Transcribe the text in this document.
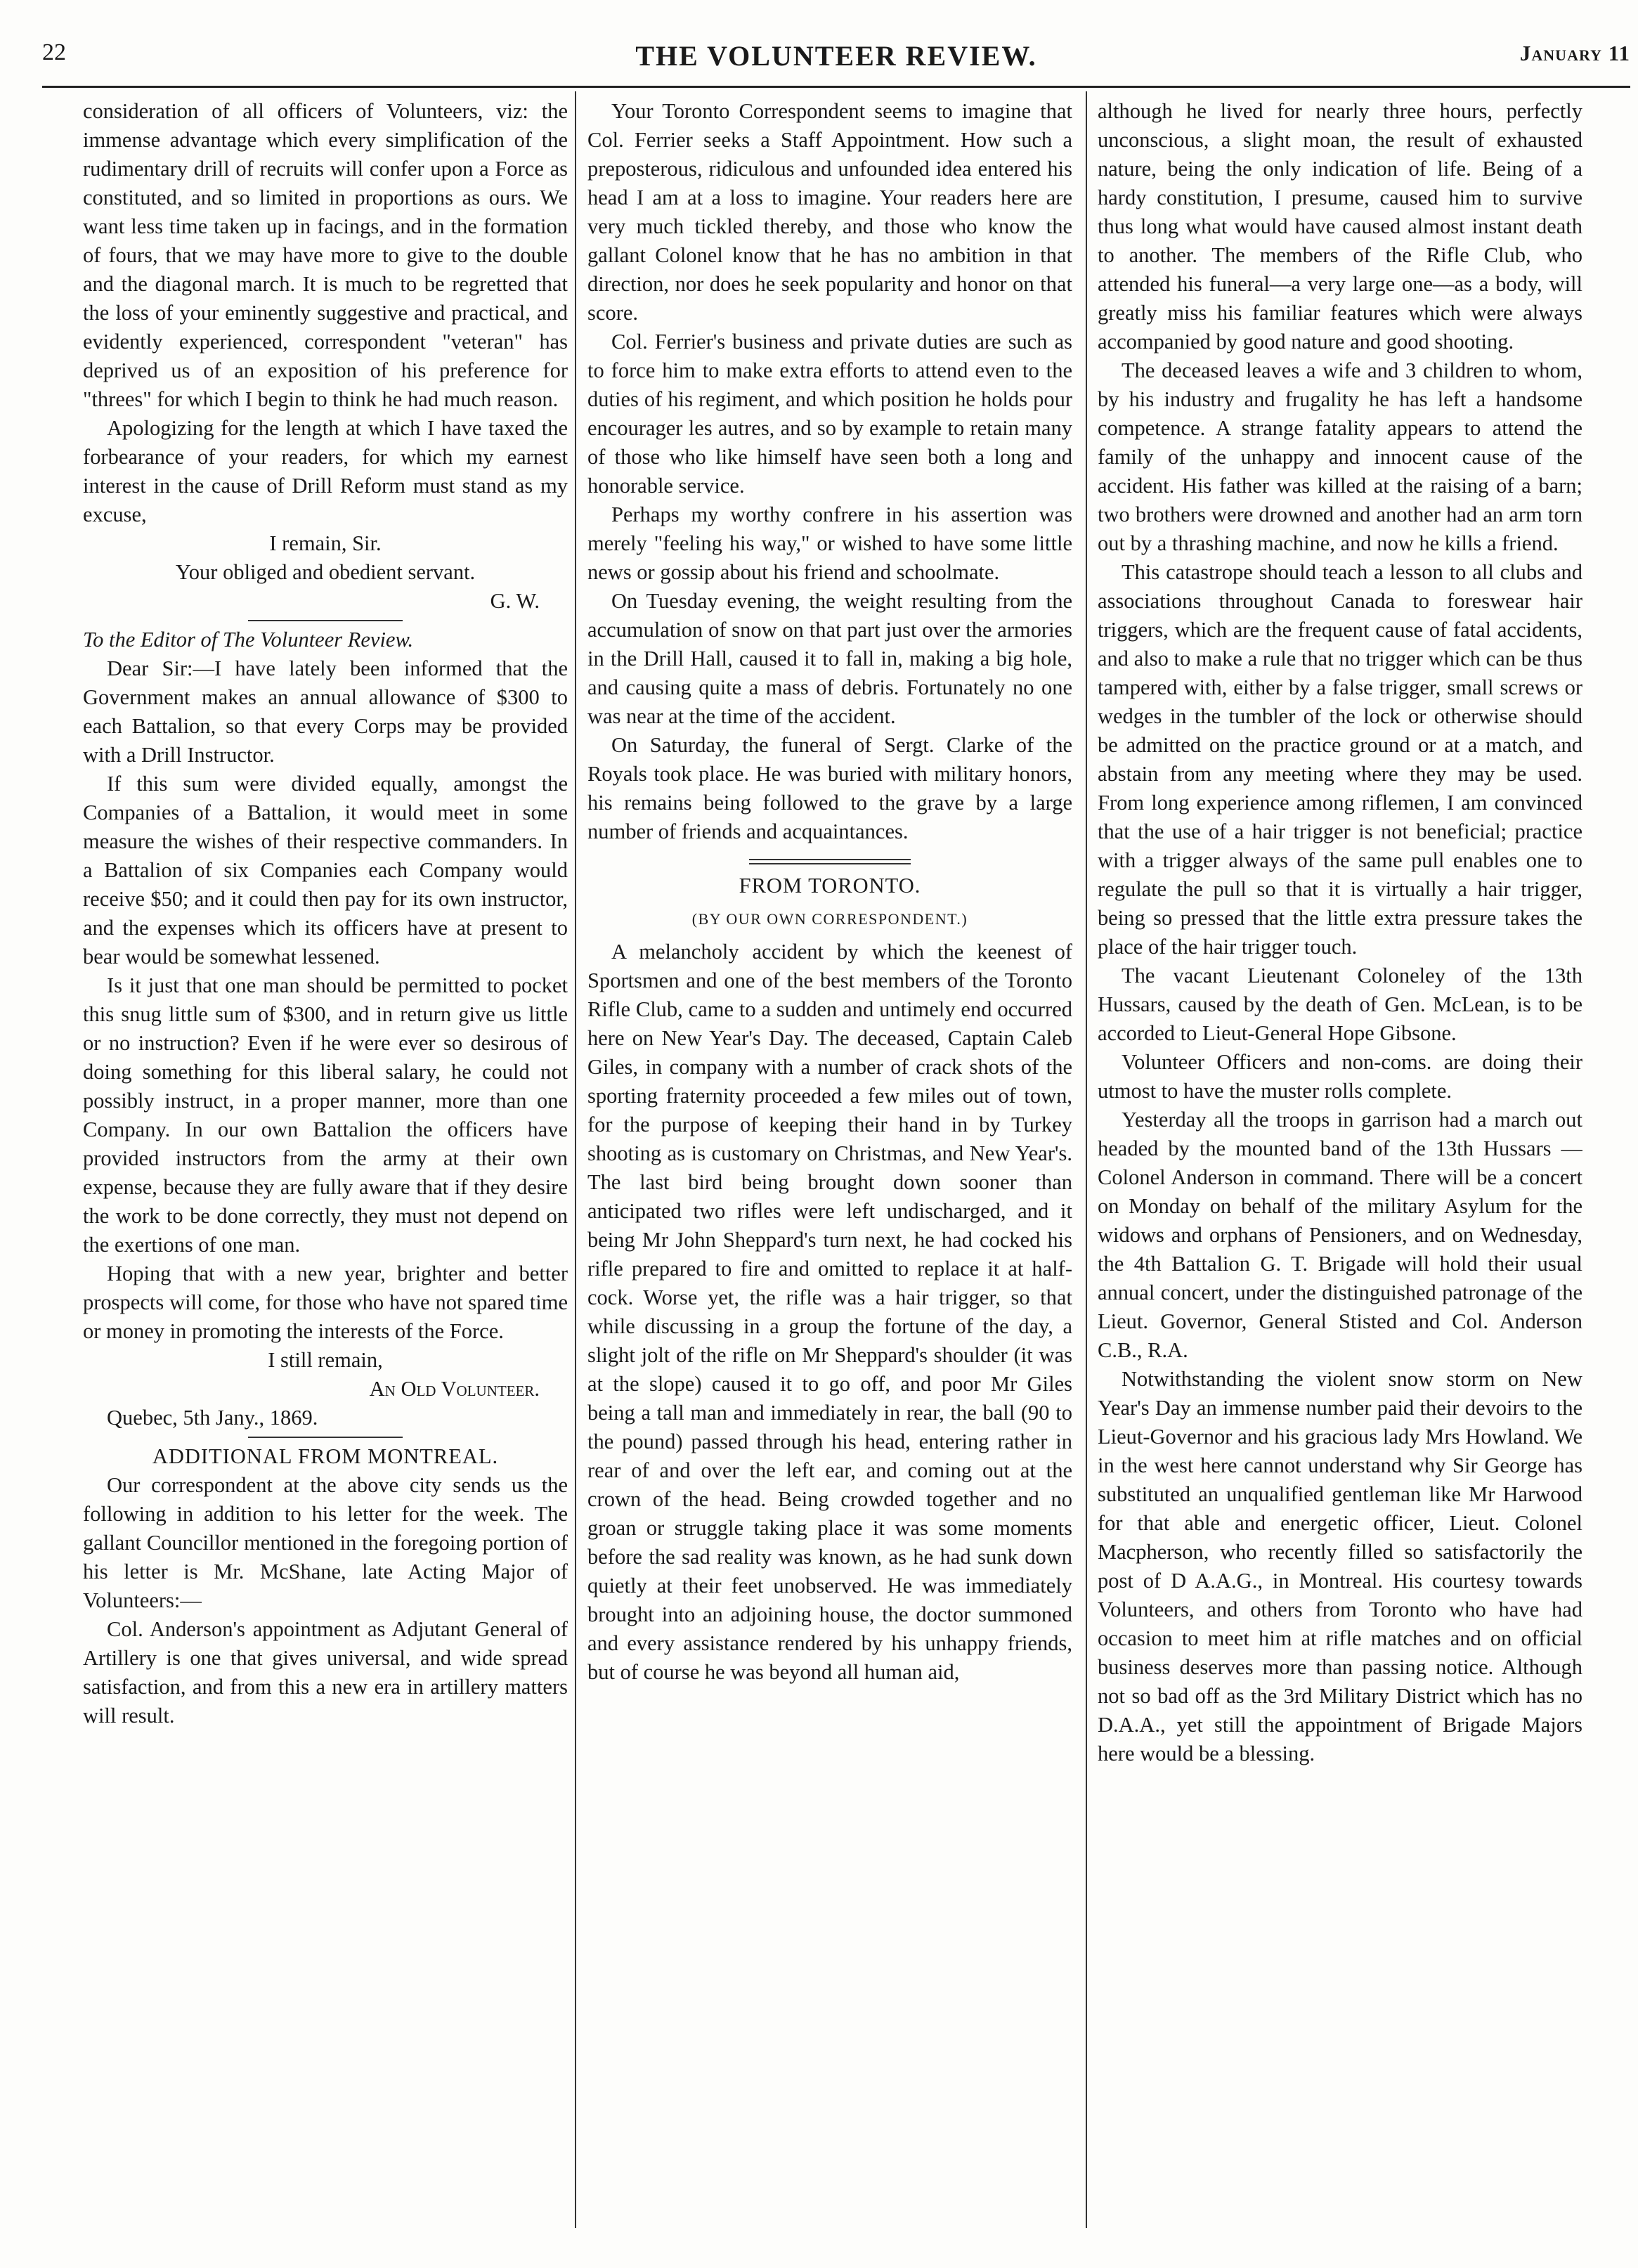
22	THE VOLUNTEER REVIEW.	January 11

consideration of all officers of Volunteers, viz: the immense advantage which every simplification of the rudimentary drill of recruits will confer upon a Force as constituted, and so limited in proportions as ours. We want less time taken up in facings, and in the formation of fours, that we may have more to give to the double and the diagonal march. It is much to be regretted that the loss of your eminently suggestive and practical, and evidently experienced, correspondent "veteran" has deprived us of an exposition of his preference for "threes" for which I begin to think he had much reason.

Apologizing for the length at which I have taxed the forbearance of your readers, for which my earnest interest in the cause of Drill Reform must stand as my excuse,

I remain, Sir.

Your obliged and obedient servant.

G. W.

To the Editor of The Volunteer Review.

Dear Sir:—I have lately been informed that the Government makes an annual allowance of $300 to each Battalion, so that every Corps may be provided with a Drill Instructor.

If this sum were divided equally, amongst the Companies of a Battalion, it would meet in some measure the wishes of their respective commanders. In a Battalion of six Companies each Company would receive $50; and it could then pay for its own instructor, and the expenses which its officers have at present to bear would be somewhat lessened.

Is it just that one man should be permitted to pocket this snug little sum of $300, and in return give us little or no instruction? Even if he were ever so desirous of doing something for this liberal salary, he could not possibly instruct, in a proper manner, more than one Company. In our own Battalion the officers have provided instructors from the army at their own expense, because they are fully aware that if they desire the work to be done correctly, they must not depend on the exertions of one man.

Hoping that with a new year, brighter and better prospects will come, for those who have not spared time or money in promoting the interests of the Force.

I still remain,

An Old Volunteer.

Quebec, 5th Jany., 1869.

ADDITIONAL FROM MONTREAL.

Our correspondent at the above city sends us the following in addition to his letter for the week. The gallant Councillor mentioned in the foregoing portion of his letter is Mr. McShane, late Acting Major of Volunteers:—

Col. Anderson's appointment as Adjutant General of Artillery is one that gives universal, and wide spread satisfaction, and from this a new era in artillery matters will result.

Your Toronto Correspondent seems to imagine that Col. Ferrier seeks a Staff Appointment. How such a preposterous, ridiculous and unfounded idea entered his head I am at a loss to imagine. Your readers here are very much tickled thereby, and those who know the gallant Colonel know that he has no ambition in that direction, nor does he seek popularity and honor on that score.

Col. Ferrier's business and private duties are such as to force him to make extra efforts to attend even to the duties of his regiment, and which position he holds pour encourager les autres, and so by example to retain many of those who like himself have seen both a long and honorable service.

Perhaps my worthy confrere in his assertion was merely "feeling his way," or wished to have some little news or gossip about his friend and schoolmate.

On Tuesday evening, the weight resulting from the accumulation of snow on that part just over the armories in the Drill Hall, caused it to fall in, making a big hole, and causing quite a mass of debris. Fortunately no one was near at the time of the accident.

On Saturday, the funeral of Sergt. Clarke of the Royals took place. He was buried with military honors, his remains being followed to the grave by a large number of friends and acquaintances.

FROM TORONTO.

(BY OUR OWN CORRESPONDENT.)

A melancholy accident by which the keenest of Sportsmen and one of the best members of the Toronto Rifle Club, came to a sudden and untimely end occurred here on New Year's Day. The deceased, Captain Caleb Giles, in company with a number of crack shots of the sporting fraternity proceeded a few miles out of town, for the purpose of keeping their hand in by Turkey shooting as is customary on Christmas, and New Year's. The last bird being brought down sooner than anticipated two rifles were left undischarged, and it being Mr John Sheppard's turn next, he had cocked his rifle prepared to fire and omitted to replace it at half-cock. Worse yet, the rifle was a hair trigger, so that while discussing in a group the fortune of the day, a slight jolt of the rifle on Mr Sheppard's shoulder (it was at the slope) caused it to go off, and poor Mr Giles being a tall man and immediately in rear, the ball (90 to the pound) passed through his head, entering rather in rear of and over the left ear, and coming out at the crown of the head. Being crowded together and no groan or struggle taking place it was some moments before the sad reality was known, as he had sunk down quietly at their feet unobserved. He was immediately brought into an adjoining house, the doctor summoned and every assistance rendered by his unhappy friends, but of course he was beyond all human aid,

although he lived for nearly three hours, perfectly unconscious, a slight moan, the result of exhausted nature, being the only indication of life. Being of a hardy constitution, I presume, caused him to survive thus long what would have caused almost instant death to another. The members of the Rifle Club, who attended his funeral—a very large one—as a body, will greatly miss his familiar features which were always accompanied by good nature and good shooting.

The deceased leaves a wife and 3 children to whom, by his industry and frugality he has left a handsome competence. A strange fatality appears to attend the family of the unhappy and innocent cause of the accident. His father was killed at the raising of a barn; two brothers were drowned and another had an arm torn out by a thrashing machine, and now he kills a friend.

This catastrope should teach a lesson to all clubs and associations throughout Canada to foreswear hair triggers, which are the frequent cause of fatal accidents, and also to make a rule that no trigger which can be thus tampered with, either by a false trigger, small screws or wedges in the tumbler of the lock or otherwise should be admitted on the practice ground or at a match, and abstain from any meeting where they may be used. From long experience among riflemen, I am convinced that the use of a hair trigger is not beneficial; practice with a trigger always of the same pull enables one to regulate the pull so that it is virtually a hair trigger, being so pressed that the little extra pressure takes the place of the hair trigger touch.

The vacant Lieutenant Coloneley of the 13th Hussars, caused by the death of Gen. McLean, is to be accorded to Lieut-General Hope Gibsone.

Volunteer Officers and non-coms. are doing their utmost to have the muster rolls complete.

Yesterday all the troops in garrison had a march out headed by the mounted band of the 13th Hussars —Colonel Anderson in command. There will be a concert on Monday on behalf of the military Asylum for the widows and orphans of Pensioners, and on Wednesday, the 4th Battalion G. T. Brigade will hold their usual annual concert, under the distinguished patronage of the Lieut. Governor, General Stisted and Col. Anderson C.B., R.A.

Notwithstanding the violent snow storm on New Year's Day an immense number paid their devoirs to the Lieut-Governor and his gracious lady Mrs Howland. We in the west here cannot understand why Sir George has substituted an unqualified gentleman like Mr Harwood for that able and energetic officer, Lieut. Colonel Macpherson, who recently filled so satisfactorily the post of D A.A.G., in Montreal. His courtesy towards Volunteers, and others from Toronto who have had occasion to meet him at rifle matches and on official business deserves more than passing notice. Although not so bad off as the 3rd Military District which has no D.A.A., yet still the appointment of Brigade Majors here would be a blessing.
